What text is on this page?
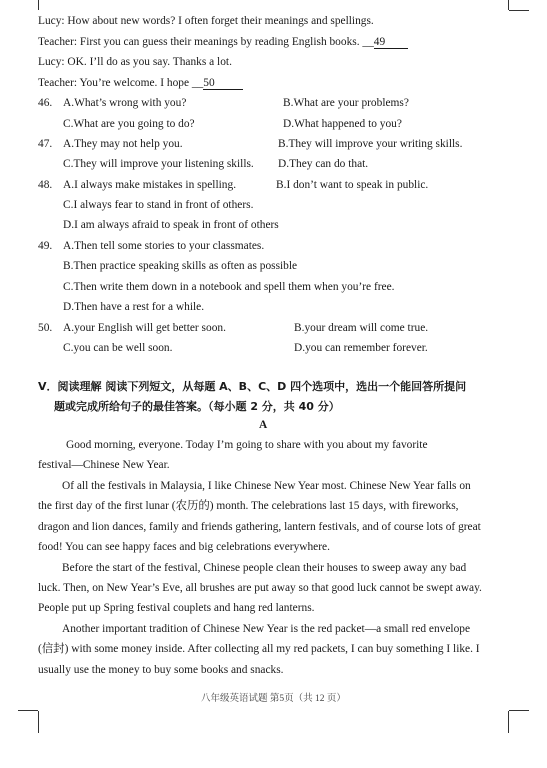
Lucy: How about new words? I often forget their meanings and spellings.
Teacher: First you can guess their meanings by reading English books. __49
Lucy: OK. I’ll do as you say. Thanks a lot.
Teacher: You’re welcome. I hope __50
46. A.What’s wrong with you?	B.What are your problems?
C.What are you going to do?	D.What happened to you?
47. A.They may not help you.	B.They will improve your writing skills.
C.They will improve your listening skills. D.They can do that.
48. A.I always make mistakes in spelling.	B.I don’t want to speak in public.
C.I always fear to stand in front of others.
D.I am always afraid to speak in front of others
49. A.Then tell some stories to your classmates.
B.Then practice speaking skills as often as possible
C.Then write them down in a notebook and spell them when you’re free.
D.Then have a rest for a while.
50. A.your English will get better soon.	B.your dream will come true.
C.you can be well soon.	D.you can remember forever.
V．阅读理解 阅读下列短文，从每题 A、B、C、D 四个选项中，选出一个能回答所提问
题或完成所给句子的最佳答案。（每小题 2 分，共 40 分）
A
Good morning, everyone. Today I’m going to share with you about my favorite
festival—Chinese New Year.
Of all the festivals in Malaysia, I like Chinese New Year most. Chinese New Year falls on
the first day of the first lunar (农历的) month. The celebrations last 15 days, with fireworks,
dragon and lion dances, family and friends gathering, lantern festivals, and of course lots of great
food! You can see happy faces and big celebrations everywhere.
Before the start of the festival, Chinese people clean their houses to sweep away any bad
luck. Then, on New Year’s Eve, all brushes are put away so that good luck cannot be swept away.
People put up Spring festival couplets and hang red lanterns.
Another important tradition of Chinese New Year is the red packet—a small red envelope
(信封) with some money inside. After collecting all my red packets, I can buy something I like. I
usually use the money to buy some books and snacks.
八年级英语试题 第5页（共 12 页）
